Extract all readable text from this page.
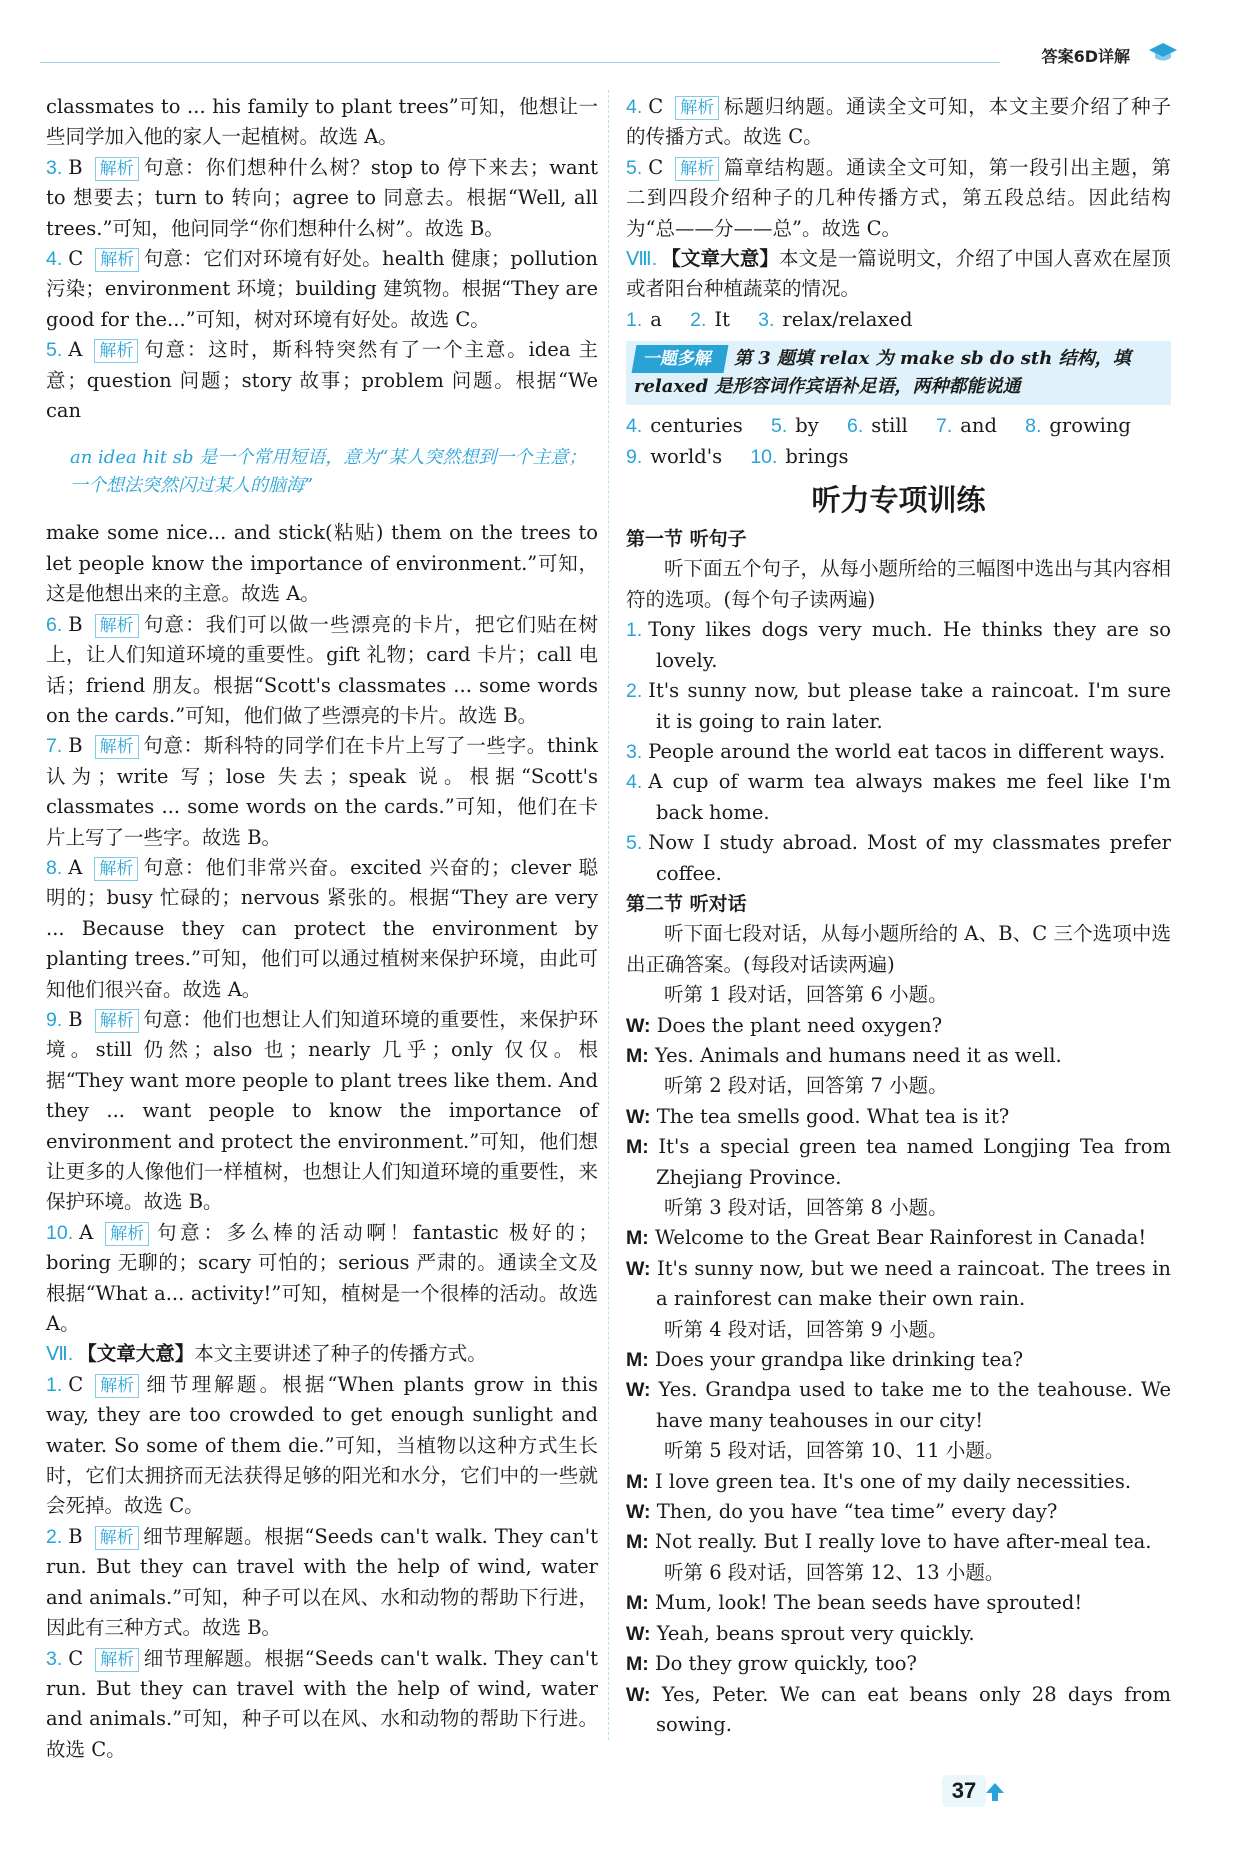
答案6D详解

classmates to ... his family to plant trees”可知，他想让一些同学加入他的家人一起植树。故选 A。

3. B 解析 句意：你们想种什么树？stop to 停下来去；want to 想要去；turn to 转向；agree to 同意去。根据“Well, all trees.”可知，他问同学“你们想种什么树”。故选 B。

4. C 解析 句意：它们对环境有好处。health 健康；pollution 污染；environment 环境；building 建筑物。根据“They are good for the...”可知，树对环境有好处。故选 C。

5. A 解析 句意：这时，斯科特突然有了一个主意。idea 主意；question 问题；story 故事；problem 问题。根据“We can

an idea hit sb 是一个常用短语，意为“某人突然想到一个主意；一个想法突然闪过某人的脑海”

make some nice... and stick(粘贴) them on the trees to let people know the importance of environment.”可知，这是他想出来的主意。故选 A。

6. B 解析 句意：我们可以做一些漂亮的卡片，把它们贴在树上，让人们知道环境的重要性。gift 礼物；card 卡片；call 电话；friend 朋友。根据“Scott's classmates ... some words on the cards.”可知，他们做了些漂亮的卡片。故选 B。

7. B 解析 句意：斯科特的同学们在卡片上写了一些字。think 认为；write 写；lose 失去；speak 说。根据“Scott's classmates ... some words on the cards.”可知，他们在卡片上写了一些字。故选 B。

8. A 解析 句意：他们非常兴奋。excited 兴奋的；clever 聪明的；busy 忙碌的；nervous 紧张的。根据“They are very ... Because they can protect the environment by planting trees.”可知，他们可以通过植树来保护环境，由此可知他们很兴奋。故选 A。

9. B 解析 句意：他们也想让人们知道环境的重要性，来保护环境。still 仍然；also 也；nearly 几乎；only 仅仅。根据“They want more people to plant trees like them. And they ... want people to know the importance of environment and protect the environment.”可知，他们想让更多的人像他们一样植树，也想让人们知道环境的重要性，来保护环境。故选 B。

10. A 解析 句意：多么棒的活动啊！fantastic 极好的；boring 无聊的；scary 可怕的；serious 严肃的。通读全文及根据“What a... activity!”可知，植树是一个很棒的活动。故选 A。

Ⅶ. 【文章大意】本文主要讲述了种子的传播方式。

1. C 解析 细节理解题。根据“When plants grow in this way, they are too crowded to get enough sunlight and water. So some of them die.”可知，当植物以这种方式生长时，它们太拥挤而无法获得足够的阳光和水分，它们中的一些就会死掉。故选 C。

2. B 解析 细节理解题。根据“Seeds can't walk. They can't run. But they can travel with the help of wind, water and animals.”可知，种子可以在风、水和动物的帮助下行进，因此有三种方式。故选 B。

3. C 解析 细节理解题。根据“Seeds can't walk. They can't run. But they can travel with the help of wind, water and animals.”可知，种子可以在风、水和动物的帮助下行进。故选 C。

4. C 解析 标题归纳题。通读全文可知，本文主要介绍了种子的传播方式。故选 C。

5. C 解析 篇章结构题。通读全文可知，第一段引出主题，第二到四段介绍种子的几种传播方式，第五段总结。因此结构为“总——分——总”。故选 C。

Ⅷ. 【文章大意】本文是一篇说明文，介绍了中国人喜欢在屋顶或者阳台种植蔬菜的情况。

1. a 2. It 3. relax/relaxed

一题多解 第 3 题填 relax 为 make sb do sth 结构，填 relaxed 是形容词作宾语补足语，两种都能说通

4. centuries 5. by 6. still 7. and 8. growing

9. world's 10. brings

听力专项训练

第一节 听句子

听下面五个句子，从每小题所给的三幅图中选出与其内容相符的选项。(每个句子读两遍)

1. Tony likes dogs very much. He thinks they are so lovely.

2. It's sunny now, but please take a raincoat. I'm sure it is going to rain later.

3. People around the world eat tacos in different ways.

4. A cup of warm tea always makes me feel like I'm back home.

5. Now I study abroad. Most of my classmates prefer coffee.

第二节 听对话

听下面七段对话，从每小题所给的 A、B、C 三个选项中选出正确答案。(每段对话读两遍)

听第 1 段对话，回答第 6 小题。

W: Does the plant need oxygen?

M: Yes. Animals and humans need it as well.

听第 2 段对话，回答第 7 小题。

W: The tea smells good. What tea is it?

M: It's a special green tea named Longjing Tea from Zhejiang Province.

听第 3 段对话，回答第 8 小题。

M: Welcome to the Great Bear Rainforest in Canada!

W: It's sunny now, but we need a raincoat. The trees in a rainforest can make their own rain.

听第 4 段对话，回答第 9 小题。

M: Does your grandpa like drinking tea?

W: Yes. Grandpa used to take me to the teahouse. We have many teahouses in our city!

听第 5 段对话，回答第 10、11 小题。

M: I love green tea. It's one of my daily necessities.

W: Then, do you have “tea time” every day?

M: Not really. But I really love to have after-meal tea.

听第 6 段对话，回答第 12、13 小题。

M: Mum, look! The bean seeds have sprouted!

W: Yeah, beans sprout very quickly.

M: Do they grow quickly, too?

W: Yes, Peter. We can eat beans only 28 days from sowing.

37
